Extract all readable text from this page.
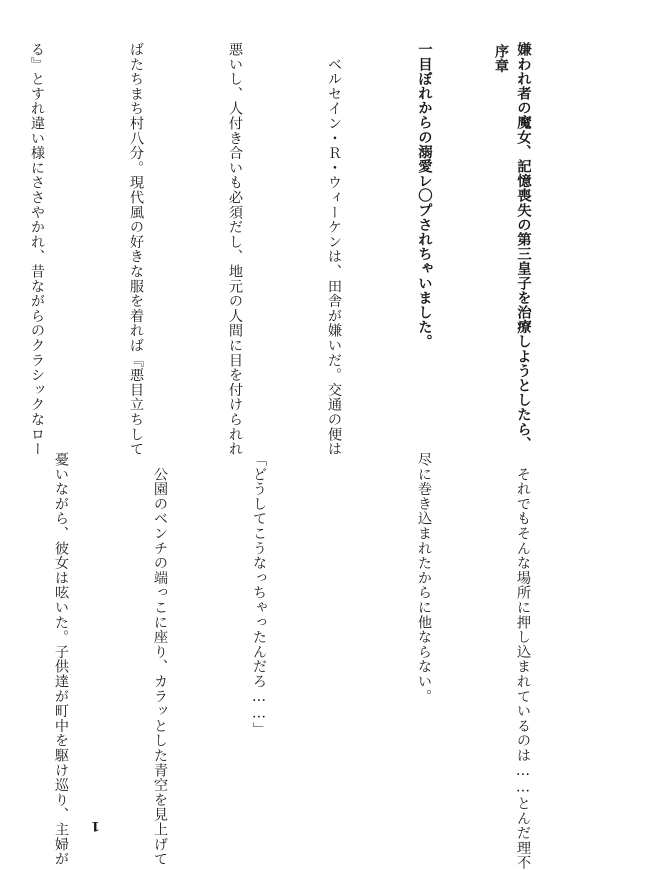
嫌われ者の魔女、記憶喪失の第三皇子を治療しようとしたら、

一目ぼれからの溺愛レ〇プされちゃいました。

	序章

　ベルセイン・Ｒ・ウィーケンは、田舎が嫌いだ。交通の便は

悪いし、人付き合いも必須だし、地元の人間に目を付けられれ

ばたちまち村八分。現代風の好きな服を着れば『悪目立ちして

る』とすれ違い様にささやかれ、昔ながらのクラシックなロー

　それでもそんな場所に押し込まれているのは……とんだ理不

尽に巻き込まれたからに他ならない。

「どうしてこうなっちゃったんだろ……」

　公園のベンチの端っこに座り、カラッとした青空を見上げて

憂いながら、彼女は呟いた。子供達が町中を駆け巡り、主婦が

	1
